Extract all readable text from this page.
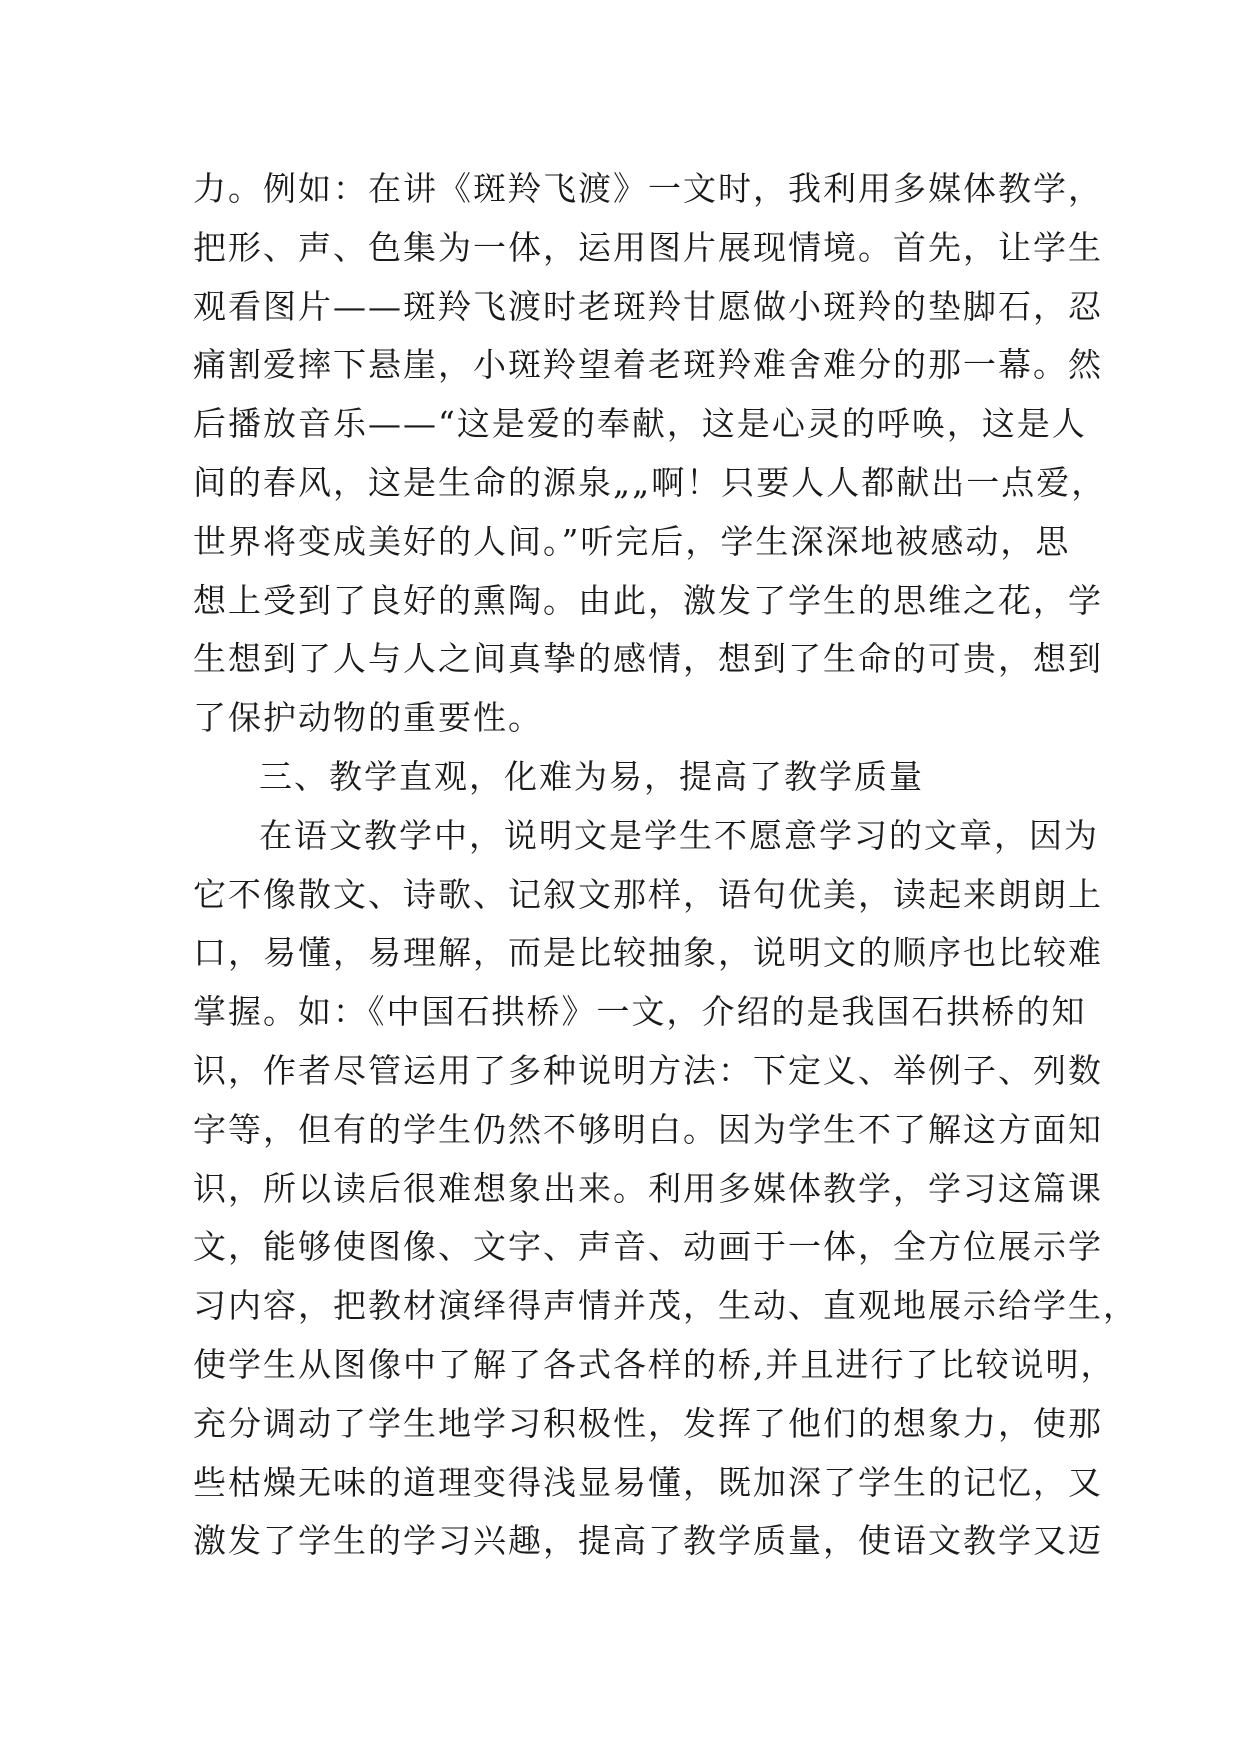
力。例如：在讲《斑羚飞渡》一文时，我利用多媒体教学，
把形、声、色集为一体，运用图片展现情境。首先，让学生
观看图片——斑羚飞渡时老斑羚甘愿做小斑羚的垫脚石，忍
痛割爱摔下悬崖，小斑羚望着老斑羚难舍难分的那一幕。然
后播放音乐——“这是爱的奉献，这是心灵的呼唤，这是人
间的春风，这是生命的源泉„„啊！只要人人都献出一点爱，
世界将变成美好的人间。”听完后，学生深深地被感动，思
想上受到了良好的熏陶。由此，激发了学生的思维之花，学
生想到了人与人之间真挚的感情，想到了生命的可贵，想到
了保护动物的重要性。
三、教学直观，化难为易，提高了教学质量
在语文教学中，说明文是学生不愿意学习的文章，因为
它不像散文、诗歌、记叙文那样，语句优美，读起来朗朗上
口，易懂，易理解，而是比较抽象，说明文的顺序也比较难
掌握。如：《中国石拱桥》一文，介绍的是我国石拱桥的知
识，作者尽管运用了多种说明方法：下定义、举例子、列数
字等，但有的学生仍然不够明白。因为学生不了解这方面知
识，所以读后很难想象出来。利用多媒体教学，学习这篇课
文，能够使图像、文字、声音、动画于一体，全方位展示学
习内容，把教材演绎得声情并茂，生动、直观地展示给学生，
使学生从图像中了解了各式各样的桥,并且进行了比较说明，
充分调动了学生地学习积极性，发挥了他们的想象力，使那
些枯燥无味的道理变得浅显易懂，既加深了学生的记忆，又
激发了学生的学习兴趣，提高了教学质量，使语文教学又迈
